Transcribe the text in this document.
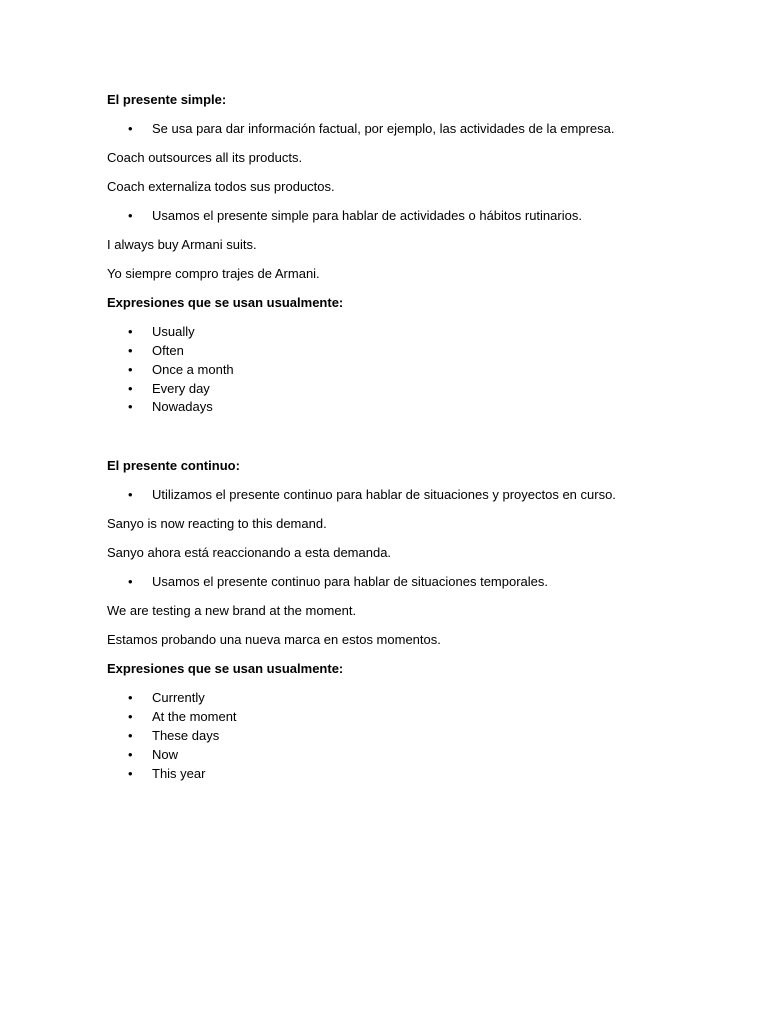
El presente simple:
• Se usa para dar información factual, por ejemplo, las actividades de la empresa.
Coach outsources all its products.
Coach externaliza todos sus productos.
• Usamos el presente simple para hablar de actividades o hábitos rutinarios.
I always buy Armani suits.
Yo siempre compro trajes de Armani.
Expresiones que se usan usualmente:
• Usually
• Often
• Once a month
• Every day
• Nowadays
El presente continuo:
• Utilizamos el presente continuo para hablar de situaciones y proyectos en curso.
Sanyo is now reacting to this demand.
Sanyo ahora está reaccionando a esta demanda.
• Usamos el presente continuo para hablar de situaciones temporales.
We are testing a new brand at the moment.
Estamos probando una nueva marca en estos momentos.
Expresiones que se usan usualmente:
• Currently
• At the moment
• These days
• Now
• This year
